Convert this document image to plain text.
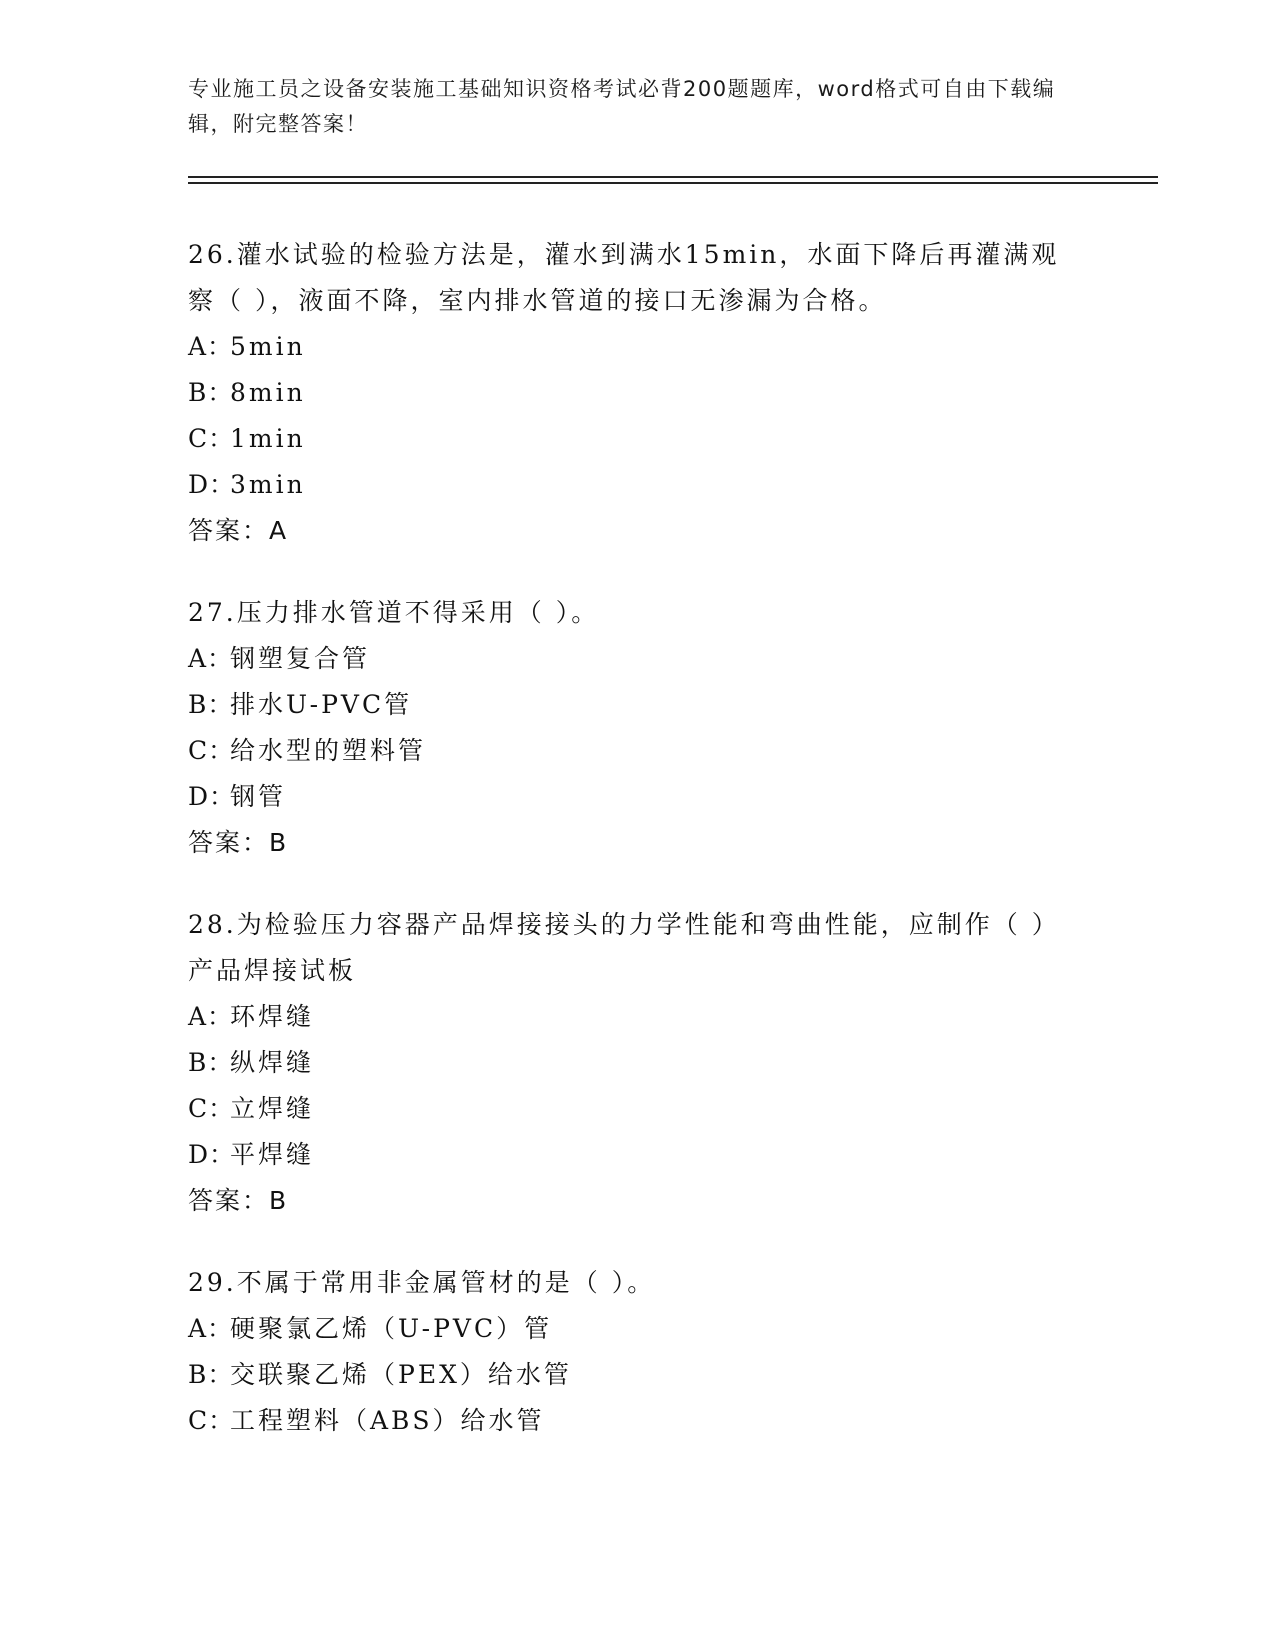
专业施工员之设备安装施工基础知识资格考试必背200题题库，word格式可自由下载编辑，附完整答案！

26.灌水试验的检验方法是，灌水到满水15min，水面下降后再灌满观察（ ），液面不降，室内排水管道的接口无渗漏为合格。

A：5min

B：8min

C：1min

D：3min

答案：A

27.压力排水管道不得采用（ ）。

A：钢塑复合管

B：排水U-PVC管

C：给水型的塑料管

D：钢管

答案：B

28.为检验压力容器产品焊接接头的力学性能和弯曲性能，应制作（ ）产品焊接试板

A：环焊缝

B：纵焊缝

C：立焊缝

D：平焊缝

答案：B

29.不属于常用非金属管材的是（ ）。

A：硬聚氯乙烯（U-PVC）管

B：交联聚乙烯（PEX）给水管

C：工程塑料（ABS）给水管
